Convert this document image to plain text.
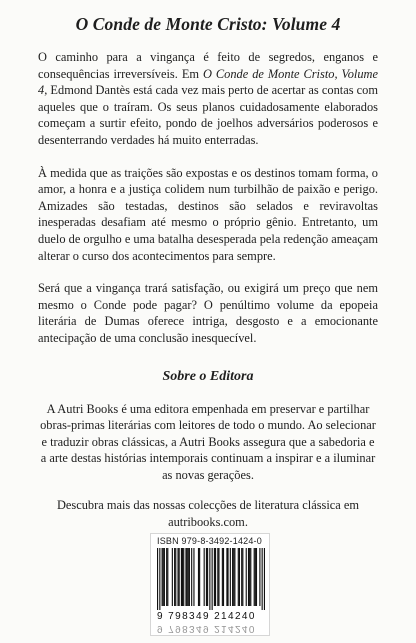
O Conde de Monte Cristo: Volume 4

O caminho para a vingança é feito de segredos, enganos e consequências irreversíveis. Em O Conde de Monte Cristo, Volume 4, Edmond Dantès está cada vez mais perto de acertar as contas com aqueles que o traíram. Os seus planos cuidadosamente elaborados começam a surtir efeito, pondo de joelhos adversários poderosos e desenterrando verdades há muito enterradas.

À medida que as traições são expostas e os destinos tomam forma, o amor, a honra e a justiça colidem num turbilhão de paixão e perigo. Amizades são testadas, destinos são selados e reviravoltas inesperadas desafiam até mesmo o próprio gênio. Entretanto, um duelo de orgulho e uma batalha desesperada pela redenção ameaçam alterar o curso dos acontecimentos para sempre.

Será que a vingança trará satisfação, ou exigirá um preço que nem mesmo o Conde pode pagar? O penúltimo volume da epopeia literária de Dumas oferece intriga, desgosto e a emocionante antecipação de uma conclusão inesquecível.

Sobre o Editora

A Autri Books é uma editora empenhada em preservar e partilhar obras-primas literárias com leitores de todo o mundo. Ao selecionar e traduzir obras clássicas, a Autri Books assegura que a sabedoria e a arte destas histórias intemporais continuam a inspirar e a iluminar as novas gerações.

Descubra mais das nossas colecções de literatura clássica em autribooks.com.

ISBN 979-8-3492-1424-0
9 798349 214240
9 798349 214240
